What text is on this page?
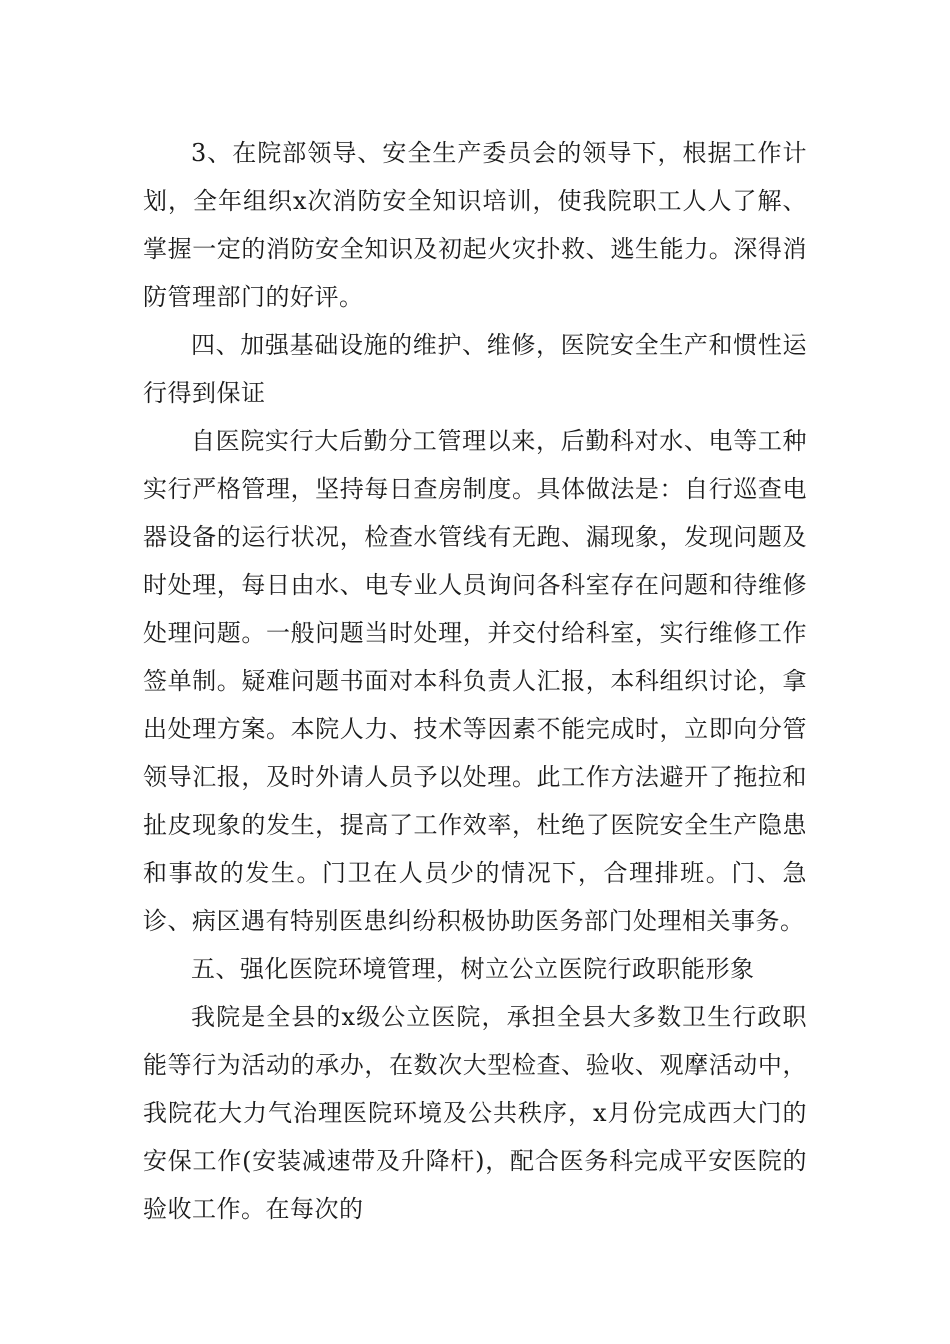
3、在院部领导、安全生产委员会的领导下，根据工作计划，全年组织x次消防安全知识培训，使我院职工人人了解、掌握一定的消防安全知识及初起火灾扑救、逃生能力。深得消防管理部门的好评。

四、加强基础设施的维护、维修，医院安全生产和惯性运行得到保证

自医院实行大后勤分工管理以来，后勤科对水、电等工种实行严格管理，坚持每日查房制度。具体做法是：自行巡查电器设备的运行状况，检查水管线有无跑、漏现象，发现问题及时处理，每日由水、电专业人员询问各科室存在问题和待维修处理问题。一般问题当时处理，并交付给科室，实行维修工作签单制。疑难问题书面对本科负责人汇报，本科组织讨论，拿出处理方案。本院人力、技术等因素不能完成时，立即向分管领导汇报，及时外请人员予以处理。此工作方法避开了拖拉和扯皮现象的发生，提高了工作效率，杜绝了医院安全生产隐患和事故的发生。门卫在人员少的情况下，合理排班。门、急诊、病区遇有特别医患纠纷积极协助医务部门处理相关事务。

五、强化医院环境管理，树立公立医院行政职能形象

我院是全县的x级公立医院，承担全县大多数卫生行政职能等行为活动的承办，在数次大型检查、验收、观摩活动中，我院花大力气治理医院环境及公共秩序，x月份完成西大门的安保工作(安装减速带及升降杆)，配合医务科完成平安医院的验收工作。在每次的
